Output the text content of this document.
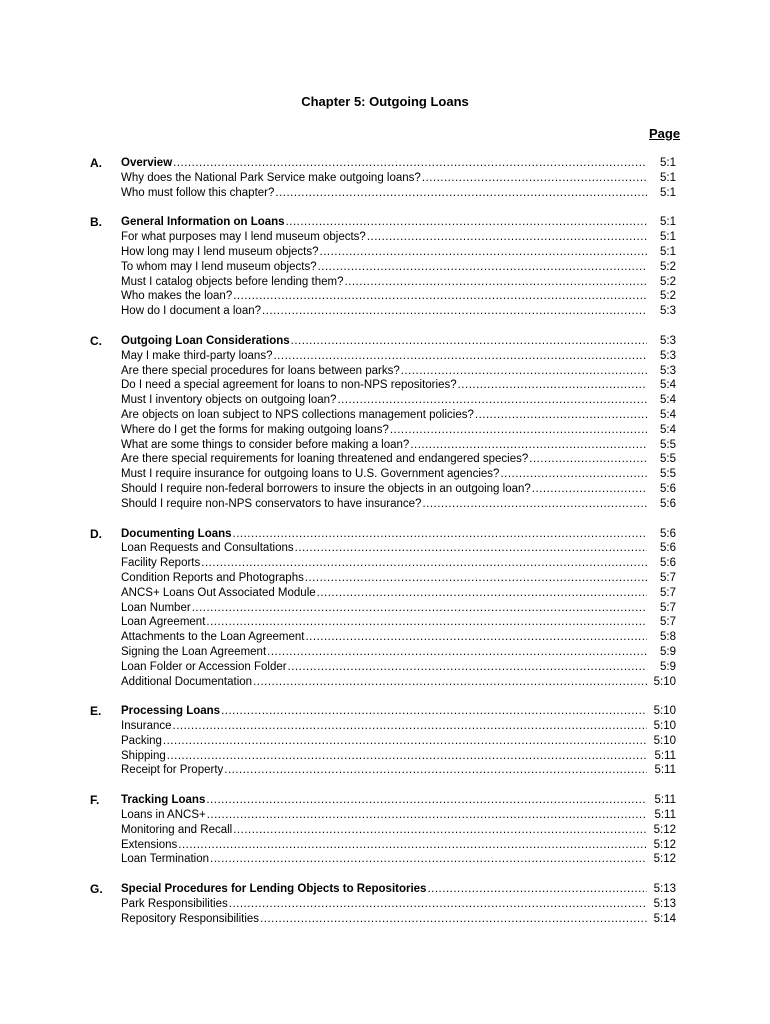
Chapter 5: Outgoing Loans
Page
A. Overview .....	5:1
Why does the National Park Service make outgoing loans? .....	5:1
Who must follow this chapter? .....	5:1
B. General Information on Loans .....	5:1
For what purposes may I lend museum objects? .....	5:1
How long may I lend museum objects? .....	5:1
To whom may I lend museum objects? .....	5:2
Must I catalog objects before lending them? .....	5:2
Who makes the loan? .....	5:2
How do I document a loan? .....	5:3
C. Outgoing Loan Considerations .....	5:3
May I make third-party loans? .....	5:3
Are there special procedures for loans between parks? .....	5:3
Do I need a special agreement for loans to non-NPS repositories? .....	5:4
Must I inventory objects on outgoing loan? .....	5:4
Are objects on loan subject to NPS collections management policies? .....	5:4
Where do I get the forms for making outgoing loans? .....	5:4
What are some things to consider before making a loan? .....	5:5
Are there special requirements for loaning threatened and endangered species? .....	5:5
Must I require insurance for outgoing loans to U.S. Government agencies? .....	5:5
Should I require non-federal borrowers to insure the objects in an outgoing loan? .....	5:6
Should I require non-NPS conservators to have insurance? .....	5:6
D. Documenting Loans .....	5:6
Loan Requests and Consultations .....	5:6
Facility Reports .....	5:6
Condition Reports and Photographs .....	5:7
ANCS+ Loans Out Associated Module .....	5:7
Loan Number .....	5:7
Loan Agreement .....	5:7
Attachments to the Loan Agreement .....	5:8
Signing the Loan Agreement .....	5:9
Loan Folder or Accession Folder .....	5:9
Additional Documentation .....	5:10
E. Processing Loans .....	5:10
Insurance .....	5:10
Packing .....	5:10
Shipping .....	5:11
Receipt for Property .....	5:11
F. Tracking Loans .....	5:11
Loans in ANCS+ .....	5:11
Monitoring and Recall .....	5:12
Extensions .....	5:12
Loan Termination .....	5:12
G. Special Procedures for Lending Objects to Repositories .....	5:13
Park Responsibilities .....	5:13
Repository Responsibilities .....	5:14
